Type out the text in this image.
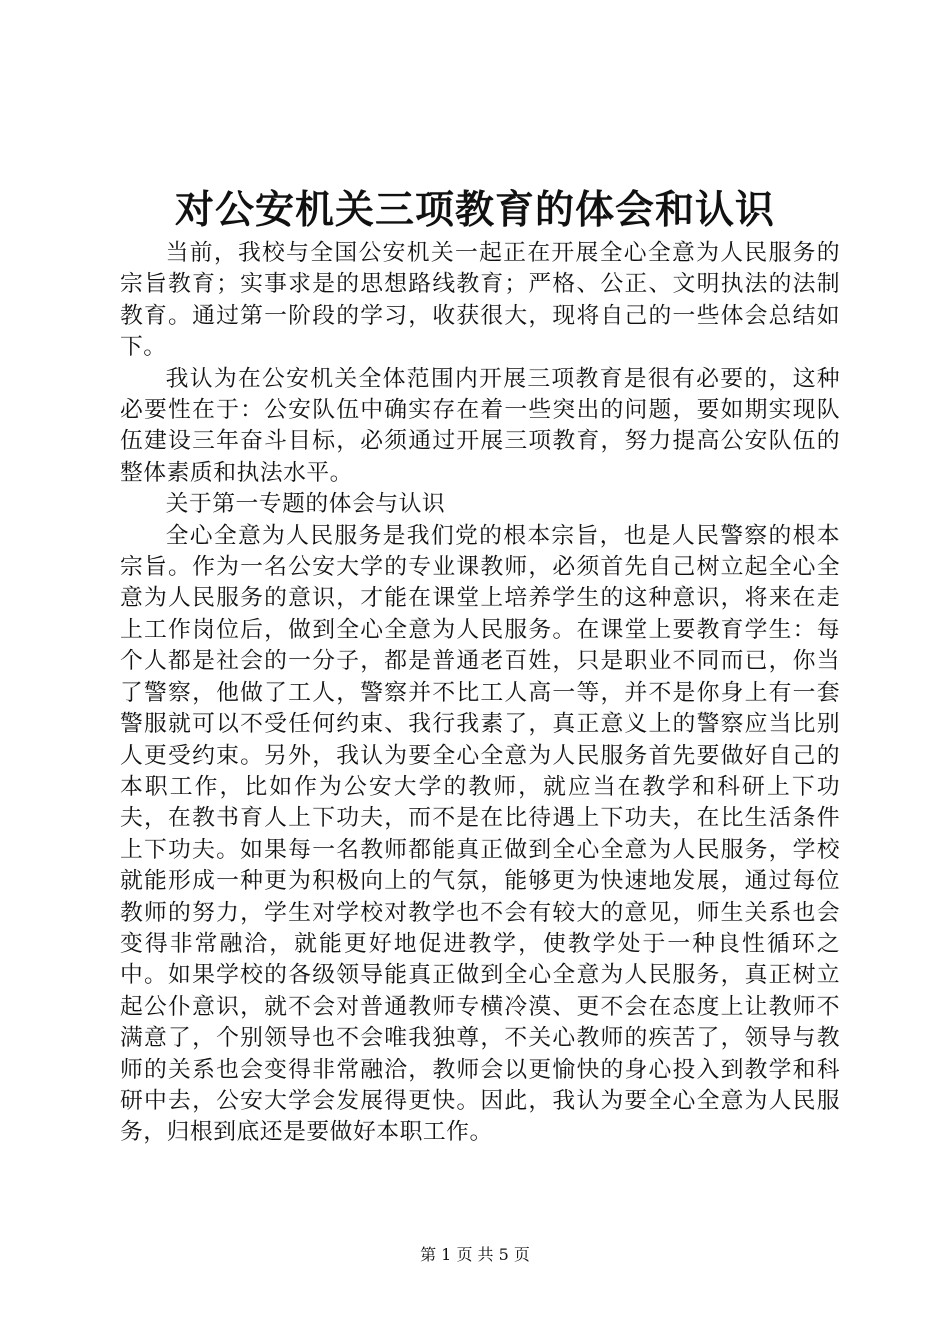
对公安机关三项教育的体会和认识

当前，我校与全国公安机关一起正在开展全心全意为人民服务的宗旨教育；实事求是的思想路线教育；严格、公正、文明执法的法制教育。通过第一阶段的学习，收获很大，现将自己的一些体会总结如下。

我认为在公安机关全体范围内开展三项教育是很有必要的，这种必要性在于：公安队伍中确实存在着一些突出的问题，要如期实现队伍建设三年奋斗目标，必须通过开展三项教育，努力提高公安队伍的整体素质和执法水平。

关于第一专题的体会与认识

全心全意为人民服务是我们党的根本宗旨，也是人民警察的根本宗旨。作为一名公安大学的专业课教师，必须首先自己树立起全心全意为人民服务的意识，才能在课堂上培养学生的这种意识，将来在走上工作岗位后，做到全心全意为人民服务。在课堂上要教育学生：每个人都是社会的一分子，都是普通老百姓，只是职业不同而已，你当了警察，他做了工人，警察并不比工人高一等，并不是你身上有一套警服就可以不受任何约束、我行我素了，真正意义上的警察应当比别人更受约束。另外，我认为要全心全意为人民服务首先要做好自己的本职工作，比如作为公安大学的教师，就应当在教学和科研上下功夫，在教书育人上下功夫，而不是在比待遇上下功夫，在比生活条件上下功夫。如果每一名教师都能真正做到全心全意为人民服务，学校就能形成一种更为积极向上的气氛，能够更为快速地发展，通过每位教师的努力，学生对学校对教学也不会有较大的意见，师生关系也会变得非常融洽，就能更好地促进教学，使教学处于一种良性循环之中。如果学校的各级领导能真正做到全心全意为人民服务，真正树立起公仆意识，就不会对普通教师专横冷漠、更不会在态度上让教师不满意了，个别领导也不会唯我独尊，不关心教师的疾苦了，领导与教师的关系也会变得非常融洽，教师会以更愉快的身心投入到教学和科研中去，公安大学会发展得更快。因此，我认为要全心全意为人民服务，归根到底还是要做好本职工作。

第 1 页 共 5 页
